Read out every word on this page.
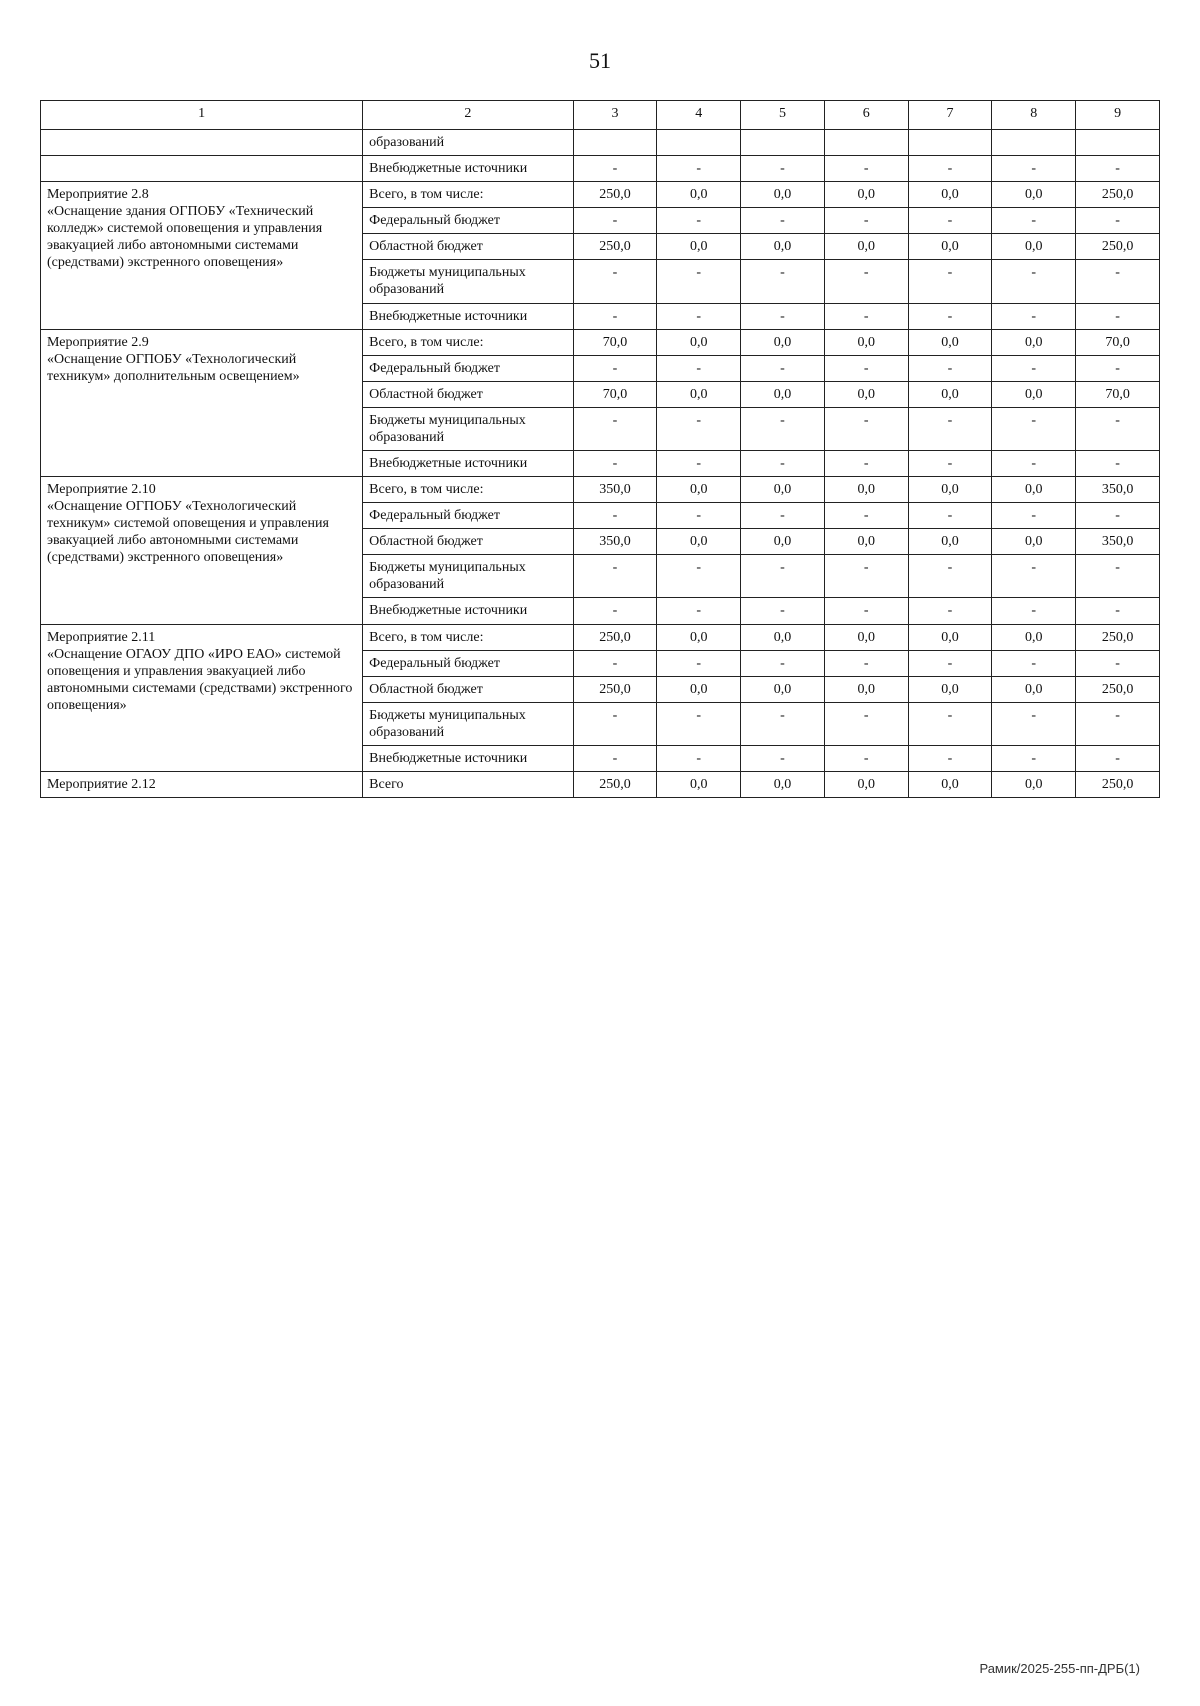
51
1	2	3	4	5	6	7	8	9
	образований							
	Внебюджетные источники	-	-	-	-	-	-	-
Мероприятие 2.8
«Оснащение здания ОГПОБУ «Технический колледж» системой оповещения и управления эвакуацией либо автономными системами (средствами) экстренного оповещения»	Всего, в том числе:	250,0	0,0	0,0	0,0	0,0	0,0	250,0
	Федеральный бюджет	-	-	-	-	-	-	-
	Областной бюджет	250,0	0,0	0,0	0,0	0,0	0,0	250,0
	Бюджеты муниципальных образований	-	-	-	-	-	-	-
	Внебюджетные источники	-	-	-	-	-	-	-
Мероприятие 2.9
«Оснащение ОГПОБУ «Технологический техникум» дополнительным освещением»	Всего, в том числе:	70,0	0,0	0,0	0,0	0,0	0,0	70,0
	Федеральный бюджет	-	-	-	-	-	-	-
	Областной бюджет	70,0	0,0	0,0	0,0	0,0	0,0	70,0
	Бюджеты муниципальных образований	-	-	-	-	-	-	-
	Внебюджетные источники	-	-	-	-	-	-	-
Мероприятие 2.10
«Оснащение ОГПОБУ «Технологический техникум» системой оповещения и управления эвакуацией либо автономными системами (средствами) экстренного оповещения»	Всего, в том числе:	350,0	0,0	0,0	0,0	0,0	0,0	350,0
	Федеральный бюджет	-	-	-	-	-	-	-
	Областной бюджет	350,0	0,0	0,0	0,0	0,0	0,0	350,0
	Бюджеты муниципальных образований	-	-	-	-	-	-	-
	Внебюджетные источники	-	-	-	-	-	-	-
Мероприятие 2.11
«Оснащение ОГАОУ ДПО «ИРО ЕАО» системой оповещения и управления эвакуацией либо автономными системами (средствами) экстренного оповещения»	Всего, в том числе:	250,0	0,0	0,0	0,0	0,0	0,0	250,0
	Федеральный бюджет	-	-	-	-	-	-	-
	Областной бюджет	250,0	0,0	0,0	0,0	0,0	0,0	250,0
	Бюджеты муниципальных образований	-	-	-	-	-	-	-
	Внебюджетные источники	-	-	-	-	-	-	-
Мероприятие 2.12	Всего	250,0	0,0	0,0	0,0	0,0	0,0	250,0
Рамик/2025-255-пп-ДРБ(1)
